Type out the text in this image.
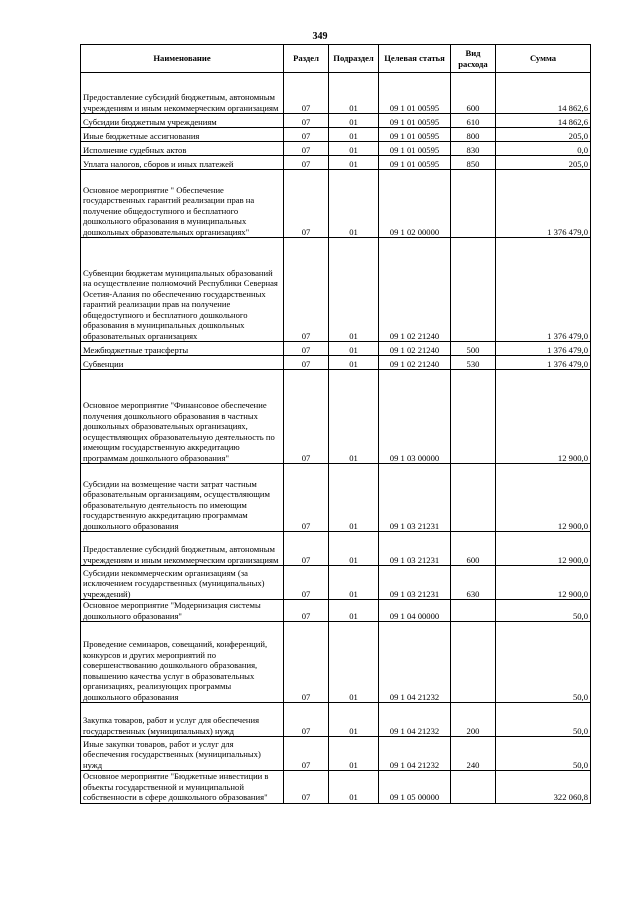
349
Наименование	Раздел	Подраздел	Целевая статья	Вид расхода	Сумма
Предоставление субсидий бюджетным, автономным учреждениям и иным некоммерческим организациям	07	01	09 1 01 00595	600	14 862,6
Субсидии бюджетным учреждениям	07	01	09 1 01 00595	610	14 862,6
Иные бюджетные ассигнования	07	01	09 1 01 00595	800	205,0
Исполнение судебных актов	07	01	09 1 01 00595	830	0,0
Уплата налогов, сборов и иных платежей	07	01	09 1 01 00595	850	205,0
Основное мероприятие " Обеспечение государственных гарантий реализации прав на получение общедоступного и бесплатного дошкольного образования в муниципальных дошкольных образовательных организациях"	07	01	09 1 02 00000		1 376 479,0
Субвенции бюджетам муниципальных образований на осуществление полномочий Республики Северная Осетия-Алания по обеспечению государственных гарантий реализации прав на получение общедоступного и бесплатного дошкольного образования в муниципальных дошкольных образовательных организациях	07	01	09 1 02 21240		1 376 479,0
Межбюджетные трансферты	07	01	09 1 02 21240	500	1 376 479,0
Субвенции	07	01	09 1 02 21240	530	1 376 479,0
Основное мероприятие "Финансовое обеспечение получения дошкольного образования в частных дошкольных образовательных организациях, осуществляющих образовательную деятельность по имеющим государственную аккредитацию программам дошкольного образования"	07	01	09 1 03 00000		12 900,0
Субсидии на возмещение части затрат частным образовательным организациям, осуществляющим образовательную деятельность по имеющим государственную аккредитацию программам дошкольного образования	07	01	09 1 03 21231		12 900,0
Предоставление субсидий бюджетным, автономным учреждениям и иным некоммерческим организациям	07	01	09 1 03 21231	600	12 900,0
Субсидии некоммерческим организациям (за исключением государственных (муниципальных) учреждений)	07	01	09 1 03 21231	630	12 900,0
Основное мероприятие "Модернизация системы дошкольного образования"	07	01	09 1 04 00000		50,0
Проведение семинаров, совещаний, конференций, конкурсов и других мероприятий по совершенствованию дошкольного образования, повышению качества услуг в образовательных организациях, реализующих программы дошкольного образования	07	01	09 1 04 21232		50,0
Закупка товаров, работ и услуг для обеспечения государственных (муниципальных) нужд	07	01	09 1 04 21232	200	50,0
Иные закупки товаров, работ и услуг для обеспечения государственных (муниципальных) нужд	07	01	09 1 04 21232	240	50,0
Основное мероприятие "Бюджетные инвестиции в объекты государственной и муниципальной собственности в сфере дошкольного образования"	07	01	09 1 05 00000		322 060,8
